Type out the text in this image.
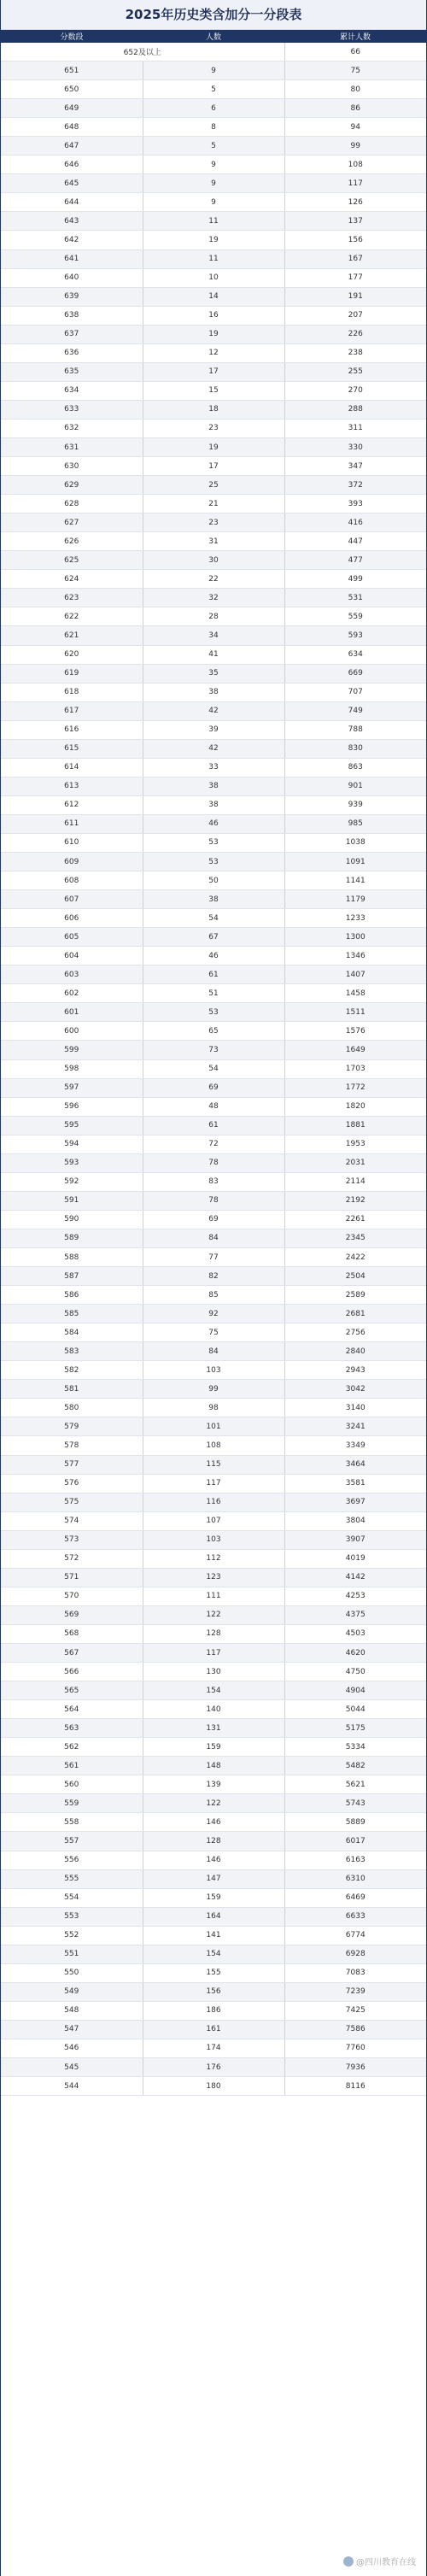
2025年历史类含加分一分段表
分数段	人数	累计人数
652及以上		66
651	9	75
650	5	80
649	6	86
648	8	94
647	5	99
646	9	108
645	9	117
644	9	126
643	11	137
642	19	156
641	11	167
640	10	177
639	14	191
638	16	207
637	19	226
636	12	238
635	17	255
634	15	270
633	18	288
632	23	311
631	19	330
630	17	347
629	25	372
628	21	393
627	23	416
626	31	447
625	30	477
624	22	499
623	32	531
622	28	559
621	34	593
620	41	634
619	35	669
618	38	707
617	42	749
616	39	788
615	42	830
614	33	863
613	38	901
612	38	939
611	46	985
610	53	1038
609	53	1091
608	50	1141
607	38	1179
606	54	1233
605	67	1300
604	46	1346
603	61	1407
602	51	1458
601	53	1511
600	65	1576
599	73	1649
598	54	1703
597	69	1772
596	48	1820
595	61	1881
594	72	1953
593	78	2031
592	83	2114
591	78	2192
590	69	2261
589	84	2345
588	77	2422
587	82	2504
586	85	2589
585	92	2681
584	75	2756
583	84	2840
582	103	2943
581	99	3042
580	98	3140
579	101	3241
578	108	3349
577	115	3464
576	117	3581
575	116	3697
574	107	3804
573	103	3907
572	112	4019
571	123	4142
570	111	4253
569	122	4375
568	128	4503
567	117	4620
566	130	4750
565	154	4904
564	140	5044
563	131	5175
562	159	5334
561	148	5482
560	139	5621
559	122	5743
558	146	5889
557	128	6017
556	146	6163
555	147	6310
554	159	6469
553	164	6633
552	141	6774
551	154	6928
550	155	7083
549	156	7239
548	186	7425
547	161	7586
546	174	7760
545	176	7936
544	180	8116
@四川教育在线
